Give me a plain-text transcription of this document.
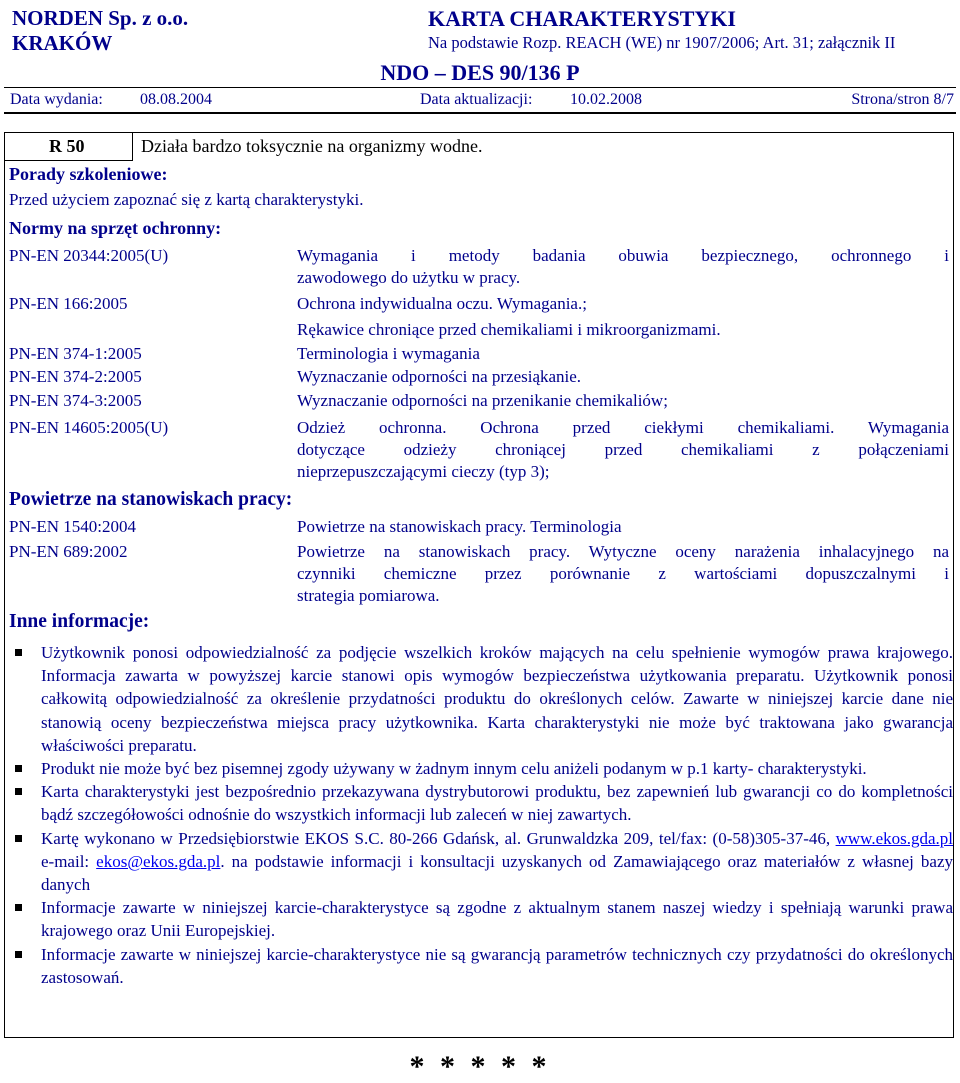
NORDEN Sp. z o.o.
KRAKÓW
KARTA CHARAKTERYSTYKI
Na podstawie Rozp. REACH (WE) nr 1907/2006; Art. 31; załącznik II
NDO – DES 90/136 P
Data wydania: 08.08.2004	Data aktualizacji: 10.02.2008	Strona/stron 8/7
R 50	Działa bardzo toksycznie na organizmy wodne.
Porady szkoleniowe:
Przed użyciem zapoznać się z kartą charakterystyki.
Normy na sprzęt ochronny:
PN-EN 20344:2005(U)	Wymagania i metody badania obuwia bezpiecznego, ochronnego i
zawodowego do użytku w pracy.
PN-EN 166:2005	Ochrona indywidualna oczu. Wymagania.;
Rękawice chroniące przed chemikaliami i mikroorganizmami.
PN-EN 374-1:2005	Terminologia i wymagania
PN-EN 374-2:2005	Wyznaczanie odporności na przesiąkanie.
PN-EN 374-3:2005	Wyznaczanie odporności na przenikanie chemikaliów;
PN-EN 14605:2005(U)	Odzież ochronna. Ochrona przed ciekłymi chemikaliami. Wymagania
dotyczące odzieży chroniącej przed chemikaliami z połączeniami
nieprzepuszczającymi cieczy (typ 3);
Powietrze na stanowiskach pracy:
PN-EN 1540:2004	Powietrze na stanowiskach pracy. Terminologia
PN-EN 689:2002	Powietrze na stanowiskach pracy. Wytyczne oceny narażenia inhalacyjnego na
czynniki chemiczne przez porównanie z wartościami dopuszczalnymi i
strategia pomiarowa.
Inne informacje:
Użytkownik ponosi odpowiedzialność za podjęcie wszelkich kroków mających na celu spełnienie wymogów prawa krajowego. Informacja zawarta w powyższej karcie stanowi opis wymogów bezpieczeństwa użytkowania preparatu. Użytkownik ponosi całkowitą odpowiedzialność za określenie przydatności produktu do określonych celów. Zawarte w niniejszej karcie dane nie stanowią oceny bezpieczeństwa miejsca pracy użytkownika. Karta charakterystyki nie może być traktowana jako gwarancja właściwości preparatu.
Produkt nie może być bez pisemnej zgody używany w żadnym innym celu aniżeli podanym w p.1 karty- charakterystyki.
Karta charakterystyki jest bezpośrednio przekazywana dystrybutorowi produktu, bez zapewnień lub gwarancji co do kompletności bądź szczegółowości odnośnie do wszystkich informacji lub zaleceń w niej zawartych.
Kartę wykonano w Przedsiębiorstwie EKOS S.C. 80-266 Gdańsk, al. Grunwaldzka 209, tel/fax: (0-58)305-37-46, www.ekos.gda.pl e-mail: ekos@ekos.gda.pl. na podstawie informacji i konsultacji uzyskanych od Zamawiającego oraz materiałów z własnej bazy danych
Informacje zawarte w niniejszej karcie-charakterystyce są zgodne z aktualnym stanem naszej wiedzy i spełniają warunki prawa krajowego oraz Unii Europejskiej.
Informacje zawarte w niniejszej karcie-charakterystyce nie są gwarancją parametrów technicznych czy przydatności do określonych zastosowań.
* * * * *
